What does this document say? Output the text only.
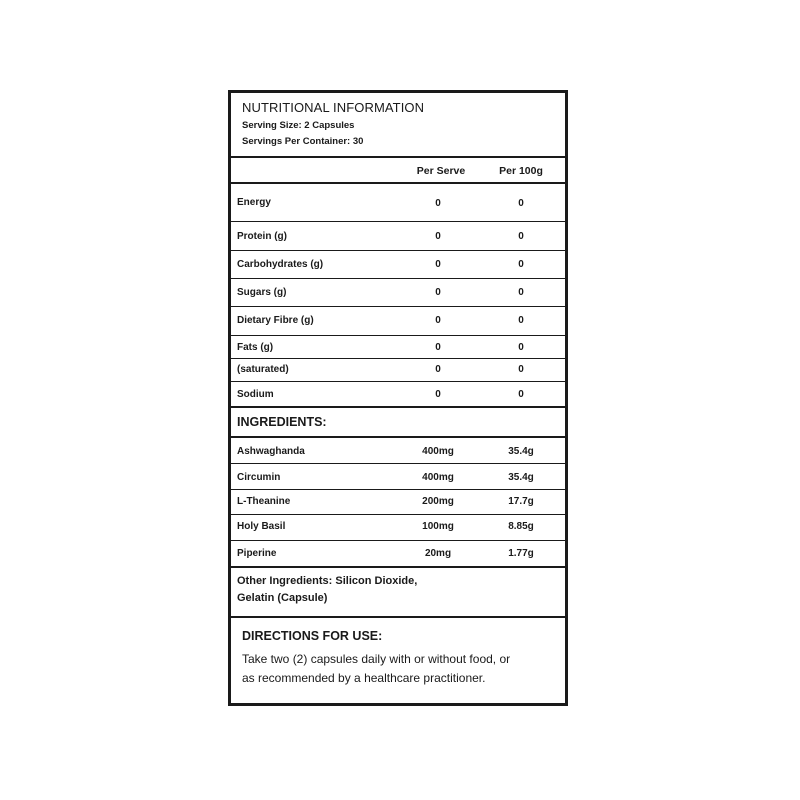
NUTRITIONAL INFORMATION
Serving Size: 2 Capsules
Servings Per Container: 30
Per Serve	Per 100g
Energy	0	0
Protein (g)	0	0
Carbohydrates (g)	0	0
Sugars (g)	0	0
Dietary Fibre (g)	0	0
Fats (g)	0	0
(saturated)	0	0
Sodium	0	0
INGREDIENTS:
Ashwaghanda	400mg	35.4g
Circumin	400mg	35.4g
L-Theanine	200mg	17.7g
Holy Basil	100mg	8.85g
Piperine	20mg	1.77g
Other Ingredients: Silicon Dioxide,
Gelatin (Capsule)
DIRECTIONS FOR USE:
Take two (2) capsules daily with or without food, or
as recommended by a healthcare practitioner.
